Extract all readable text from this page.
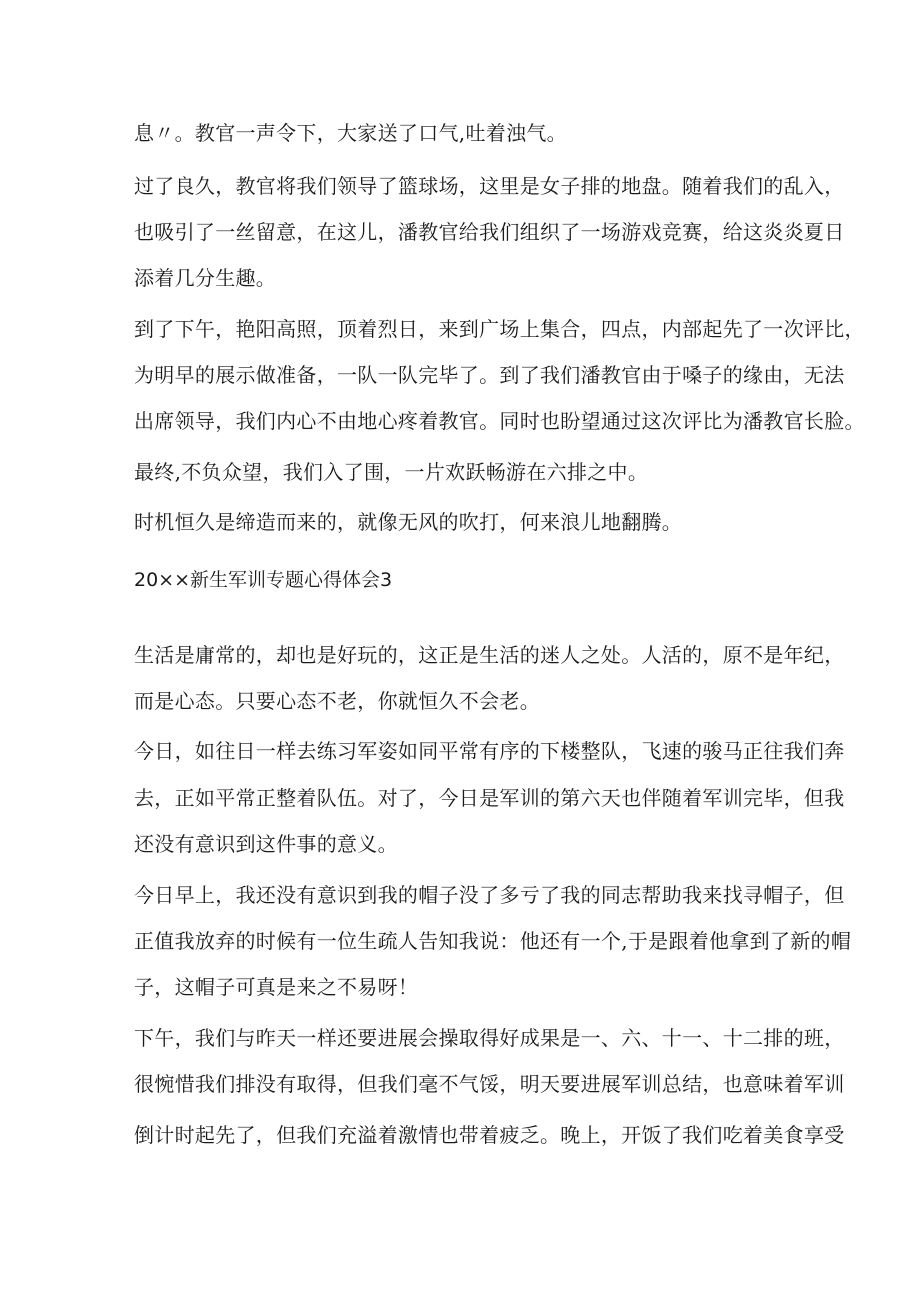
息〃。教官一声令下，大家送了口气,吐着浊气。

过了良久，教官将我们领导了篮球场，这里是女子排的地盘。随着我们的乱入，

也吸引了一丝留意，在这儿，潘教官给我们组织了一场游戏竞赛，给这炎炎夏日

添着几分生趣。

到了下午，艳阳高照，顶着烈日，来到广场上集合，四点，内部起先了一次评比，

为明早的展示做准备，一队一队完毕了。到了我们潘教官由于嗓子的缘由，无法

出席领导，我们内心不由地心疼着教官。同时也盼望通过这次评比为潘教官长脸。

最终,不负众望，我们入了围，一片欢跃畅游在六排之中。

时机恒久是缔造而来的，就像无风的吹打，何来浪儿地翻腾。

20××新生军训专题心得体会3

生活是庸常的，却也是好玩的，这正是生活的迷人之处。人活的，原不是年纪，

而是心态。只要心态不老，你就恒久不会老。

今日，如往日一样去练习军姿如同平常有序的下楼整队，飞速的骏马正往我们奔

去，正如平常正整着队伍。对了，今日是军训的第六天也伴随着军训完毕，但我

还没有意识到这件事的意义。

今日早上，我还没有意识到我的帽子没了多亏了我的同志帮助我来找寻帽子，但

正值我放弃的时候有一位生疏人告知我说：他还有一个,于是跟着他拿到了新的帽

子，这帽子可真是来之不易呀！

下午，我们与昨天一样还要进展会操取得好成果是一、六、十一、十二排的班，

很惋惜我们排没有取得，但我们毫不气馁，明天要进展军训总结，也意味着军训

倒计时起先了，但我们充溢着激情也带着疲乏。晚上，开饭了我们吃着美食享受
